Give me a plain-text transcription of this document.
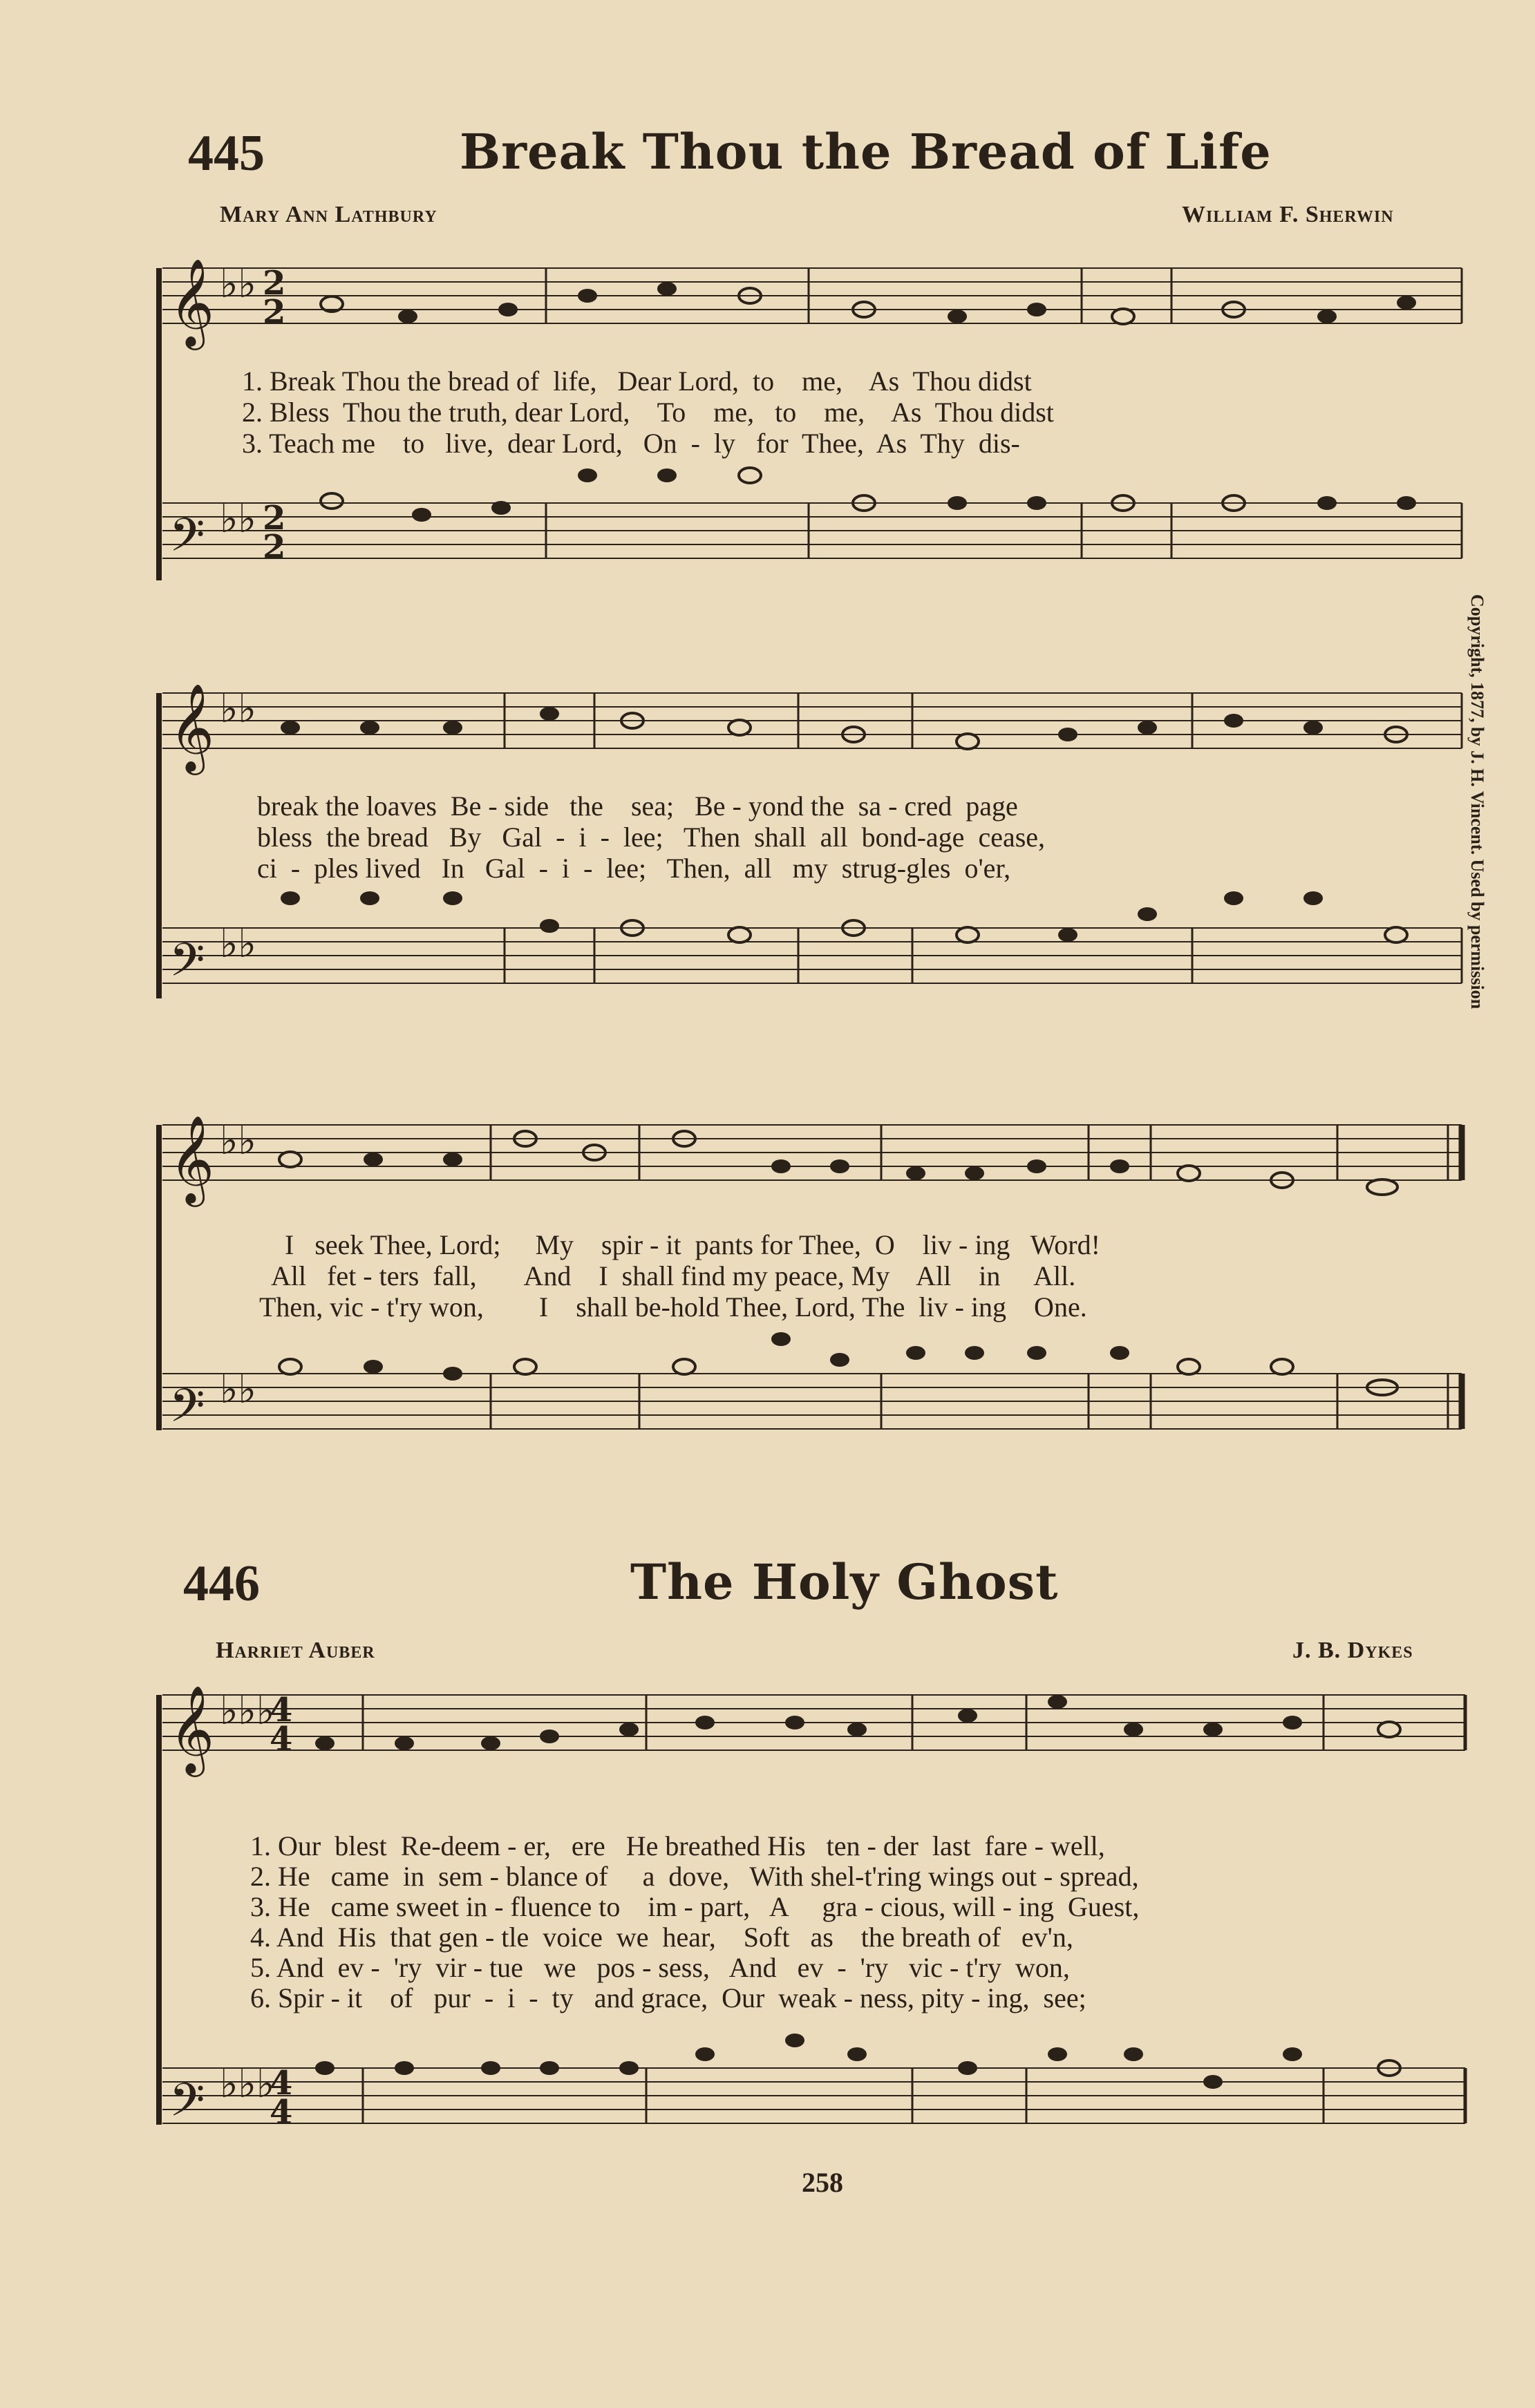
445	Break Thou the Bread of Life
Mary Ann Lathbury	William F. Sherwin
𝄞
𝄢
♭♭
♭♭
2
2
2
2
1. Break Thou the bread of  life,   Dear Lord,  to    me,    As  Thou didst
2. Bless  Thou the truth, dear Lord,    To    me,   to    me,    As  Thou didst
3. Teach me    to   live,  dear Lord,   On  -  ly   for  Thee,  As  Thy  dis-
𝄞
𝄢
♭♭
♭♭
break the loaves  Be - side   the    sea;   Be - yond the  sa - cred  page
bless  the bread   By   Gal  -  i  -  lee;   Then  shall  all  bond-age  cease,
ci  -  ples lived   In   Gal  -  i  -  lee;   Then,  all   my  strug-gles  o'er,
𝄞
𝄢
♭♭
♭♭
I   seek Thee, Lord;     My    spir - it  pants for Thee,  O    liv - ing   Word!
All   fet - ters  fall,       And    I  shall find my peace, My    All    in     All.
Then, vic - t'ry won,        I    shall be-hold Thee, Lord, The  liv - ing    One.
Copyright, 1877, by J. H. Vincent. Used by permission
446	The Holy Ghost
Harriet Auber	J. B. Dykes
𝄞
𝄢
♭♭♭
♭♭♭
4
4
4
4
1. Our  blest  Re-deem - er,   ere   He breathed His   ten - der  last  fare - well,
2. He   came  in  sem - blance of     a  dove,   With shel-t'ring wings out - spread,
3. He   came sweet in - fluence to    im - part,   A     gra - cious, will - ing  Guest,
4. And  His  that gen - tle  voice  we  hear,    Soft   as    the breath of   ev'n,
5. And  ev -  'ry  vir - tue   we   pos - sess,   And   ev  -  'ry   vic - t'ry  won,
6. Spir - it    of   pur  -  i  -  ty   and grace,  Our  weak - ness, pity - ing,  see;
258
